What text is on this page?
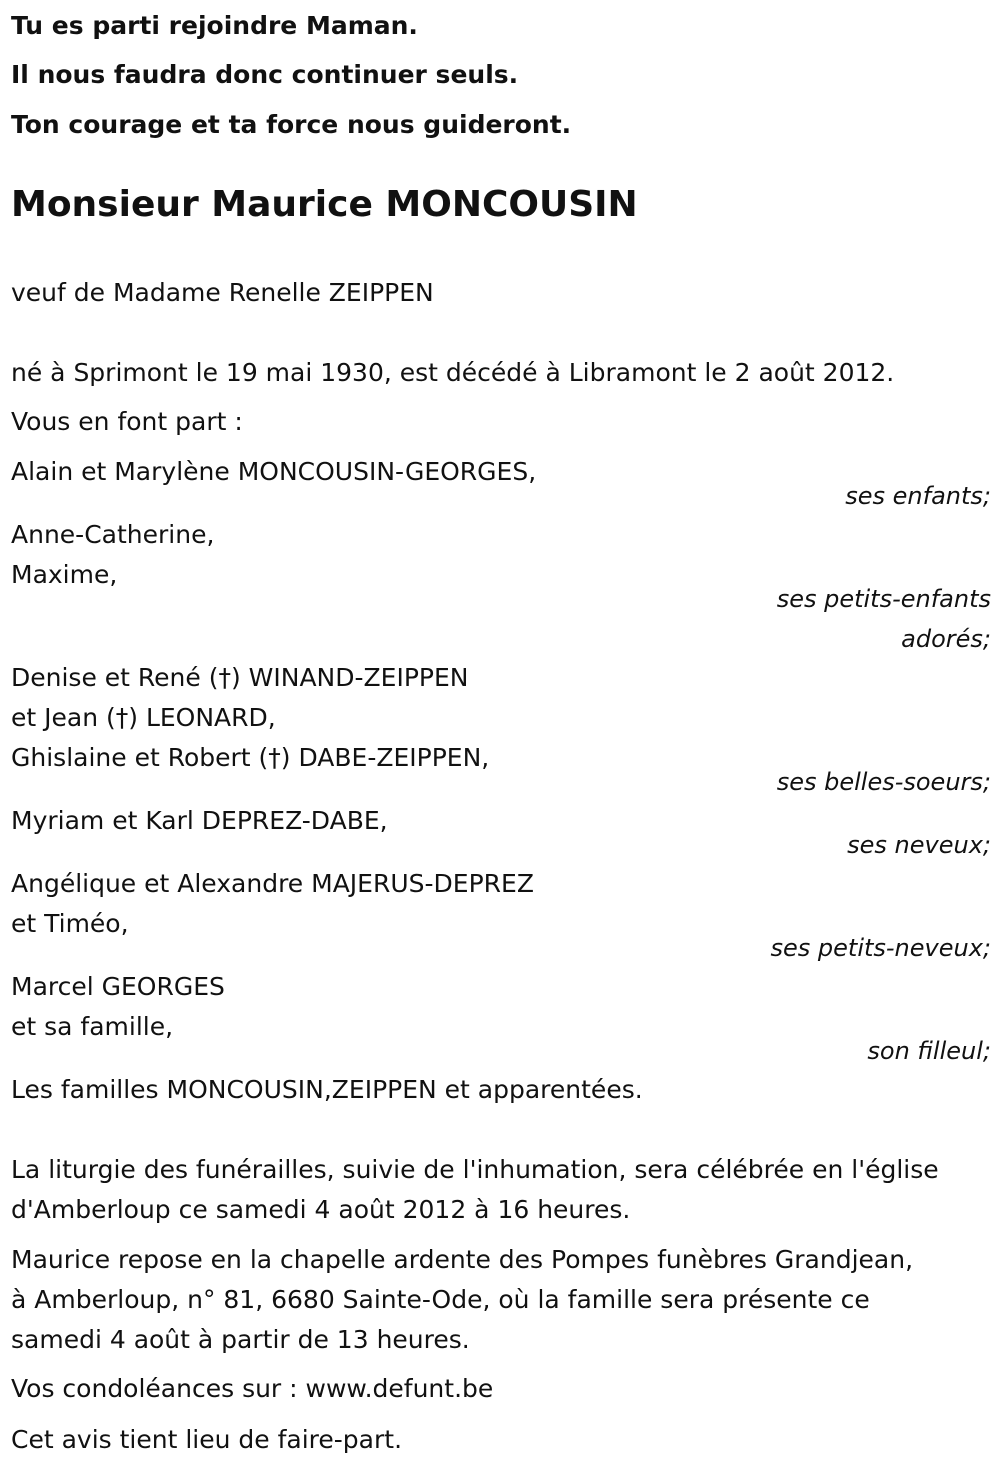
Tu es parti rejoindre Maman.
Il nous faudra donc continuer seuls.
Ton courage et ta force nous guideront.
Monsieur Maurice MONCOUSIN
veuf de Madame Renelle ZEIPPEN
né à Sprimont le 19 mai 1930, est décédé à Libramont le 2 août 2012.
Vous en font part :
Alain et Marylène MONCOUSIN-GEORGES,
ses enfants;
Anne-Catherine,
Maxime,
ses petits-enfants
adorés;
Denise et René (†) WINAND-ZEIPPEN
et Jean (†) LEONARD,
Ghislaine et Robert (†) DABE-ZEIPPEN,
ses belles-soeurs;
Myriam et Karl DEPREZ-DABE,
ses neveux;
Angélique et Alexandre MAJERUS-DEPREZ
et Timéo,
ses petits-neveux;
Marcel GEORGES
et sa famille,
son filleul;
Les familles MONCOUSIN,ZEIPPEN et apparentées.
La liturgie des funérailles, suivie de l'inhumation, sera célébrée en l'église
d'Amberloup ce samedi 4 août 2012 à 16 heures.
Maurice repose en la chapelle ardente des Pompes funèbres Grandjean,
à Amberloup, n° 81, 6680 Sainte-Ode, où la famille sera présente ce
samedi 4 août à partir de 13 heures.
Vos condoléances sur : www.defunt.be
Cet avis tient lieu de faire-part.
